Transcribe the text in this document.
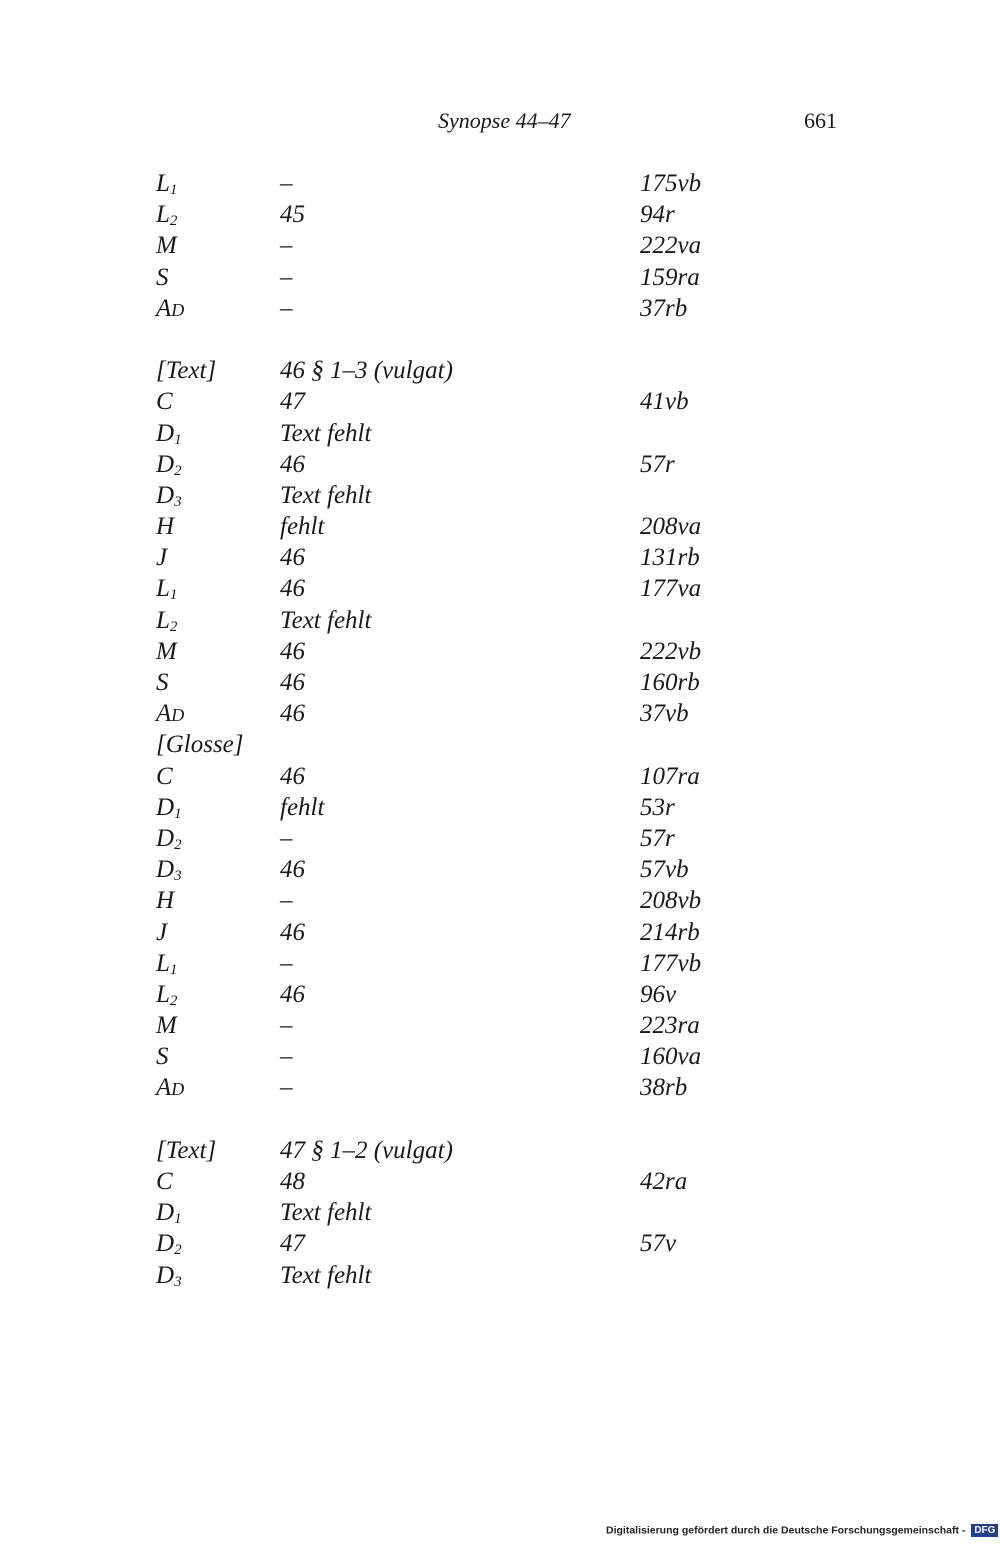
Synopse 44–47	661
$L_1$	–	175vb
$L_2$	45	94r
M	–	222va
S	–	159ra
AD	–	37rb
[Text]	46 § 1–3 (vulgat)
C	47	41vb
$D_1$	Text fehlt
$D_2$	46	57r
$D_3$	Text fehlt
H	fehlt	208va
J	46	131rb
$L_1$	46	177va
$L_2$	Text fehlt
M	46	222vb
S	46	160rb
AD	46	37vb
[Glosse]
C	46	107ra
$D_1$	fehlt	53r
$D_2$	–	57r
$D_3$	46	57vb
H	–	208vb
J	46	214rb
$L_1$	–	177vb
$L_2$	46	96v
M	–	223ra
S	–	160va
AD	–	38rb
[Text]	47 § 1–2 (vulgat)
C	48	42ra
$D_1$	Text fehlt
$D_2$	47	57v
$D_3$	Text fehlt
Digitalisierung gefördert durch die Deutsche Forschungsgemeinschaft - DFG
